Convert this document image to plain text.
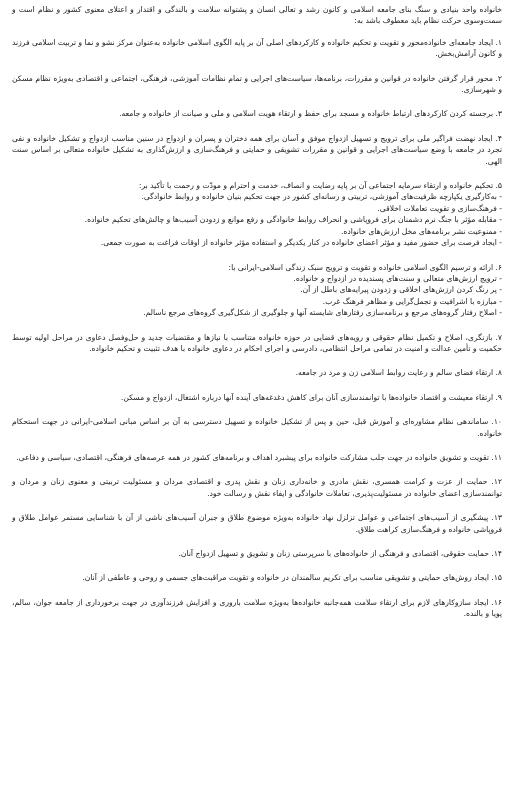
خانواده واحد بنیادی و سنگ بنای جامعه اسلامی و کانون رشد و تعالی انسان و پشتوانه سلامت و بالندگی و اقتدار و اعتلای معنوی کشور و نظام است و سمت‌وسوی حرکت نظام باید معطوف باشد به:

۱. ایجاد جامعه‌ای خانواده‌محور و تقویت و تحکیم خانواده و کارکردهای اصلی آن بر پایه الگوی اسلامی خانواده به‌عنوان مرکز نشو و نما و تربیت اسلامی فرزند و کانون آرامش‌بخش.

۲. محور قرار گرفتن خانواده در قوانین و مقررات، برنامه‌ها، سیاست‌های اجرایی و تمام نظامات آموزشی، فرهنگی، اجتماعی و اقتصادی به‌ویژه نظام مسکن و شهرسازی.

۳. برجسته کردن کارکردهای ارتباط خانواده و مسجد برای حفظ و ارتقاء هویت اسلامی و ملی و صیانت از خانواده و جامعه.

۴. ایجاد نهضت فراگیر ملی برای ترویج و تسهیل ازدواج موفق و آسان برای همه دختران و پسران و ازدواج در سنین مناسب ازدواج و تشکیل خانواده و نفی تجرد در جامعه با وضع سیاست‌های اجرایی و قوانین و مقررات تشویقی و حمایتی و فرهنگ‌سازی و ارزش‌گذاری به تشکیل خانواده متعالی بر اساس سنت الهی.

۵. تحکیم خانواده و ارتقاء سرمایه اجتماعی آن بر پایه رضایت و انصاف، خدمت و احترام و مودّت و رحمت با تأکید بر:

- به‌کارگیری یکپارچه ظرفیت‌های آموزشی، تربیتی و رسانه‌ای کشور در جهت تحکیم بنیان خانواده و روابط خانوادگی.

- فرهنگ‌سازی و تقویت تعاملات اخلاقی.

- مقابله مؤثر با جنگ نرم دشمنان برای فروپاشی و انحراف روابط خانوادگی و رفع موانع و زدودن آسیب‌ها و چالش‌های تحکیم خانواده.

- ممنوعیت نشر برنامه‌های مخل ارزش‌های خانواده.

- ایجاد فرصت برای حضور مفید و مؤثر اعضای خانواده در کنار یکدیگر و استفاده مؤثر خانواده از اوقات فراغت به صورت جمعی.

۶. ارائه و ترسیم الگوی اسلامی خانواده و تقویت و ترویج سبک زندگی اسلامی-ایرانی با:

- ترویج ارزش‌های متعالی و سنت‌های پسندیده در ازدواج و خانواده.

- پر رنگ کردن ارزش‌های اخلاقی و زدودن پیرایه‌های باطل از آن.

- مبارزه با اشرافیت و تجمل‌گرایی و مظاهر فرهنگ غرب.

- اصلاح رفتار گروه‌های مرجع و برنامه‌سازی رفتارهای شایسته آنها و جلوگیری از شکل‌گیری گروه‌های مرجع ناسالم.

۷. بازنگری، اصلاح و تکمیل نظام حقوقی و رویه‌های قضایی در حوزه خانواده متناسب با نیازها و مقتضیات جدید و حل‌وفصل دعاوی در مراحل اولیه توسط حکمیت و تأمین عدالت و امنیت در تمامی مراحل انتظامی، دادرسی و اجرای احکام در دعاوی خانواده با هدف تثبیت و تحکیم خانواده.

۸. ارتقاء فضای سالم و رعایت روابط اسلامی زن و مرد در جامعه.

۹. ارتقاء معیشت و اقتصاد خانواده‌ها با توانمندسازی آنان برای کاهش دغدغه‌های آینده آنها درباره اشتغال، ازدواج و مسکن.

۱۰. ساماندهی نظام مشاوره‌ای و آموزش قبل، حین و پس از تشکیل خانواده و تسهیل دسترسی به آن بر اساس مبانی اسلامی-ایرانی در جهت استحکام خانواده.

۱۱. تقویت و تشویق خانواده در جهت جلب مشارکت خانواده برای پیشبرد اهداف و برنامه‌های کشور در همه عرصه‌های فرهنگی، اقتصادی، سیاسی و دفاعی.

۱۲. حمایت از عزت و کرامت همسری، نقش مادری و خانه‌داری زنان و نقش پدری و اقتصادی مردان و مسئولیت تربیتی و معنوی زنان و مردان و توانمندسازی اعضای خانواده در مسئولیت‌پذیری، تعاملات خانوادگی و ایفاء نقش و رسالت خود.

۱۳. پیشگیری از آسیب‌های اجتماعی و عوامل تزلزل نهاد خانواده به‌ویژه موضوع طلاق و جبران آسیب‌های ناشی از آن با شناسایی مستمر عوامل طلاق و فروپاشی خانواده و فرهنگ‌سازی کراهت طلاق.

۱۴. حمایت حقوقی، اقتصادی و فرهنگی از خانواده‌های با سرپرستی زنان و تشویق و تسهیل ازدواج آنان.

۱۵. ایجاد روش‌های حمایتی و تشویقی مناسب برای تکریم سالمندان در خانواده و تقویت مراقبت‌های جسمی و روحی و عاطفی از آنان.

۱۶. ایجاد سازوکارهای لازم برای ارتقاء سلامت همه‌جانبه خانواده‌ها به‌ویژه سلامت باروری و افزایش فرزندآوری در جهت برخورداری از جامعه جوان، سالم، پویا و بالنده.
